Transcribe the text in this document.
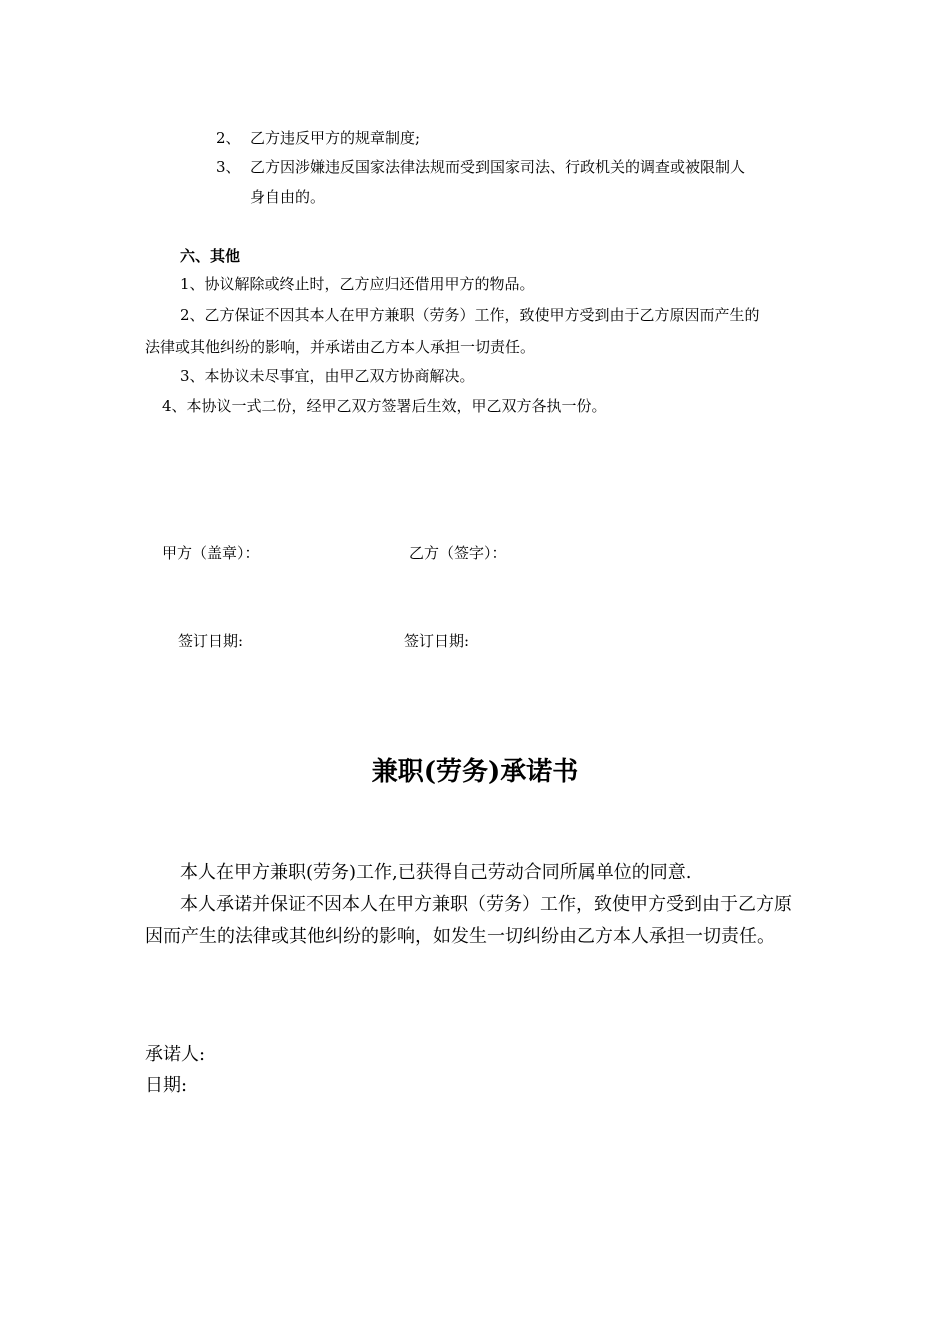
2、 乙方违反甲方的规章制度;
3、 乙方因涉嫌违反国家法律法规而受到国家司法、行政机关的调查或被限制人
身自由的。
六、其他
1、协议解除或终止时，乙方应归还借用甲方的物品。
2、乙方保证不因其本人在甲方兼职（劳务）工作，致使甲方受到由于乙方原因而产生的
法律或其他纠纷的影响，并承诺由乙方本人承担一切责任。
3、本协议未尽事宜，由甲乙双方协商解决。
4、本协议一式二份，经甲乙双方签署后生效，甲乙双方各执一份。
甲方（盖章）：	乙方（签字）：
签订日期:	签订日期:
兼职(劳务)承诺书
本人在甲方兼职(劳务)工作,已获得自己劳动合同所属单位的同意.
本人承诺并保证不因本人在甲方兼职（劳务）工作，致使甲方受到由于乙方原
因而产生的法律或其他纠纷的影响，如发生一切纠纷由乙方本人承担一切责任。
承诺人:
日期:
